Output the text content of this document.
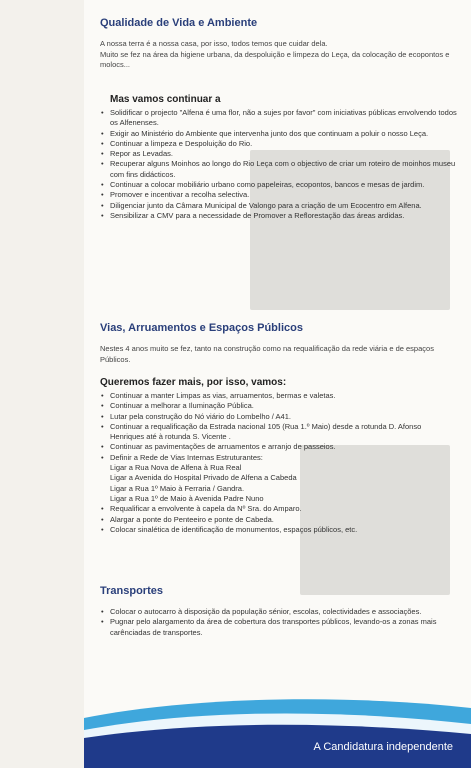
Qualidade de Vida e Ambiente

A nossa terra é a nossa casa, por isso, todos temos que cuidar dela.
Muito se fez na área da higiene urbana, da despoluição e limpeza do Leça, da colocação de ecopontos e molocs...

Mas vamos continuar a
• Solidificar o projecto "Alfena é uma flor, não a sujes por favor" com iniciativas públicas envolvendo todos os Alfenenses.
• Exigir ao Ministério do Ambiente que intervenha junto dos que continuam a poluir o nosso Leça.
• Continuar a limpeza e Despoluição do Rio.
• Repor as Levadas.
• Recuperar alguns Moinhos ao longo do Rio Leça com o objectivo de criar um roteiro de moinhos museu com fins didácticos.
• Continuar a colocar mobiliário urbano como papeleiras, ecopontos, bancos e mesas de jardim.
• Promover e incentivar a recolha selectiva.
• Diligenciar junto da Câmara Municipal de Valongo para a criação de um Ecocentro em Alfena.
• Sensibilizar a CMV para a necessidade de Promover a Reflorestação das áreas ardidas.
Vias, Arruamentos e Espaços Públicos

Nestes 4 anos muito se fez, tanto na construção como na requalificação da rede viária e de espaços Públicos.

Queremos fazer mais, por isso, vamos:
• Continuar a manter Limpas as vias, arruamentos, bermas e valetas.
• Continuar a melhorar a Iluminação Pública.
• Lutar pela construção do Nó viário do Lombelho / A41.
• Continuar a requalificação da Estrada nacional 105 (Rua 1.º Maio) desde a rotunda D. Afonso Henriques até à rotunda S. Vicente .
• Continuar as pavimentações de arruamentos e arranjo de passeios.
• Definir a Rede de Vias Internas Estruturantes:
Ligar a Rua Nova de Alfena à Rua Real
Ligar a Avenida do Hospital Privado de Alfena a Cabeda
Ligar a Rua 1º Maio à Ferraria / Gandra.
Ligar a Rua 1º de Maio à Avenida Padre Nuno
• Requalificar a envolvente à capela da Nº Sra. do Amparo.
• Alargar a ponte do Penteeiro e ponte de Cabeda.
• Colocar sinalética de identificação de monumentos, espaços públicos, etc.
Transportes
• Colocar o autocarro à disposição da população sénior, escolas, colectividades e associações.
• Pugnar pelo alargamento da área de cobertura dos transportes públicos, levando-os a zonas mais carênciadas de transportes.
A Candidatura independente
